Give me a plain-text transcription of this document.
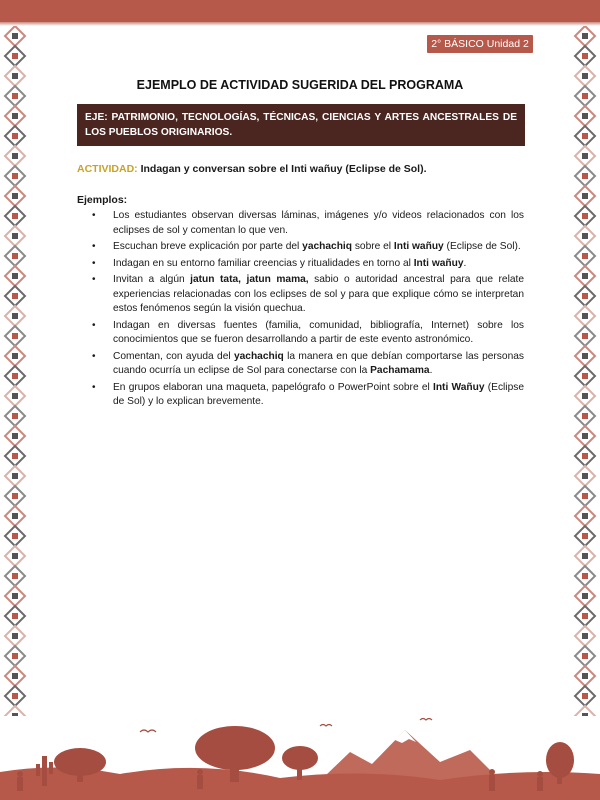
2° BÁSICO Unidad 2
EJEMPLO DE ACTIVIDAD SUGERIDA DEL PROGRAMA
EJE: PATRIMONIO, TECNOLOGÍAS, TÉCNICAS, CIENCIAS Y ARTES ANCESTRALES DE LOS PUEBLOS ORIGINARIOS.
ACTIVIDAD: Indagan y conversan sobre el Inti wañuy (Eclipse de Sol).
Ejemplos:
• Los estudiantes observan diversas láminas, imágenes y/o videos relacionados con los eclipses de sol y comentan lo que ven.
• Escuchan breve explicación por parte del yachachiq sobre el Inti wañuy (Eclipse de Sol).
• Indagan en su entorno familiar creencias y ritualidades en torno al Inti wañuy.
• Invitan a algún jatun tata, jatun mama, sabio o autoridad ancestral para que relate experiencias relacionadas con los eclipses de sol y para que explique cómo se interpretan estos fenómenos según la visión quechua.
• Indagan en diversas fuentes (familia, comunidad, bibliografía, Internet) sobre los conocimientos que se fueron desarrollando a partir de este evento astronómico.
• Comentan, con ayuda del yachachiq la manera en que debían comportarse las personas cuando ocurría un eclipse de Sol para conectarse con la Pachamama.
• En grupos elaboran una maqueta, papelógrafo o PowerPoint sobre el Inti Wañuy (Eclipse de Sol) y lo explican brevemente.
